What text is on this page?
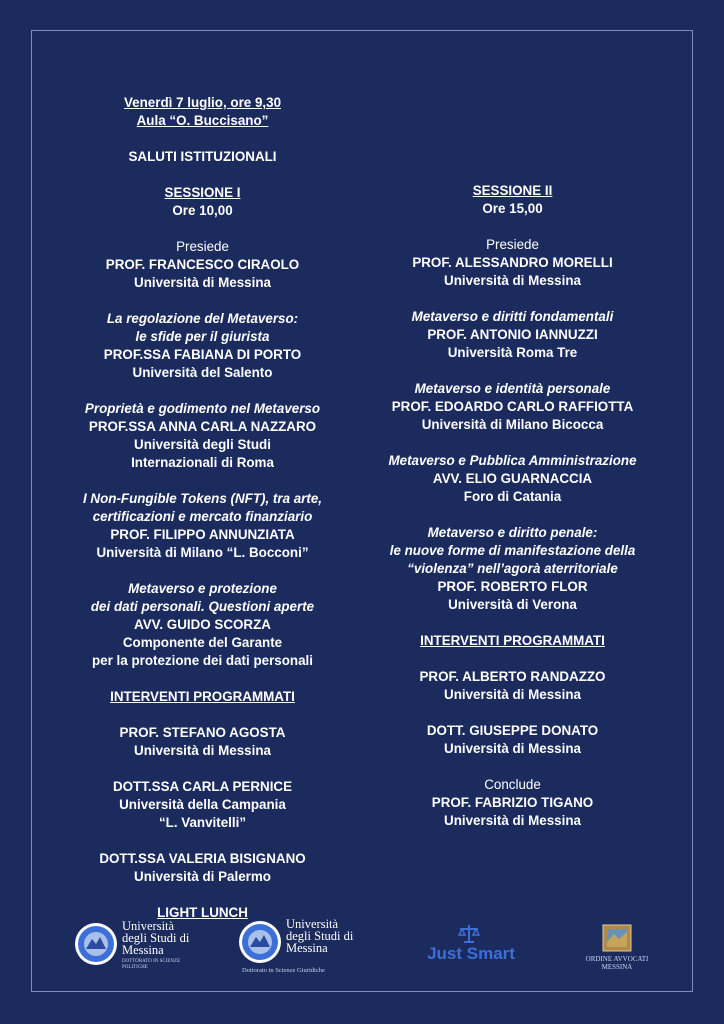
Venerdì 7 luglio, ore 9,30

Aula “O. Buccisano”

SALUTI ISTITUZIONALI

SESSIONE I

Ore 10,00

Presiede

PROF. FRANCESCO CIRAOLO

Università di Messina

La regolazione del Metaverso:

le sfide per il giurista

PROF.SSA FABIANA DI PORTO

Università del Salento

Proprietà e godimento nel Metaverso

PROF.SSA ANNA CARLA NAZZARO

Università degli Studi

Internazionali di Roma

I Non-Fungible Tokens (NFT), tra arte,

certificazioni e mercato finanziario

PROF. FILIPPO ANNUNZIATA

Università di Milano “L. Bocconi”

Metaverso e protezione

dei dati personali. Questioni aperte

AVV. GUIDO SCORZA

Componente del Garante

per la protezione dei dati personali

INTERVENTI PROGRAMMATI

PROF. STEFANO AGOSTA

Università di Messina

DOTT.SSA CARLA PERNICE

Università della Campania

“L. Vanvitelli”

DOTT.SSA VALERIA BISIGNANO

Università di Palermo

LIGHT LUNCH

SESSIONE II

Ore 15,00

Presiede

PROF. ALESSANDRO MORELLI

Università di Messina

Metaverso e diritti fondamentali

PROF. ANTONIO IANNUZZI

Università Roma Tre

Metaverso e identità personale

PROF. EDOARDO CARLO RAFFIOTTA

Università di Milano Bicocca

Metaverso e Pubblica Amministrazione

AVV. ELIO GUARNACCIA

Foro di Catania

Metaverso e diritto penale:

le nuove forme di manifestazione della

“violenza” nell’agorà aterritoriale

PROF. ROBERTO FLOR

Università di Verona

INTERVENTI PROGRAMMATI

PROF. ALBERTO RANDAZZO

Università di Messina

DOTT. GIUSEPPE DONATO

Università di Messina

Conclude

PROF. FABRIZIO TIGANO

Università di Messina

Università
degli Studi di
Messina
DOTTORATO IN SCIENZE
POLITICHE
Università
degli Studi di
Messina
Dottorato in Scienze Giuridiche
Just Smart	ORDINE AVVOCATI
MESSINA
